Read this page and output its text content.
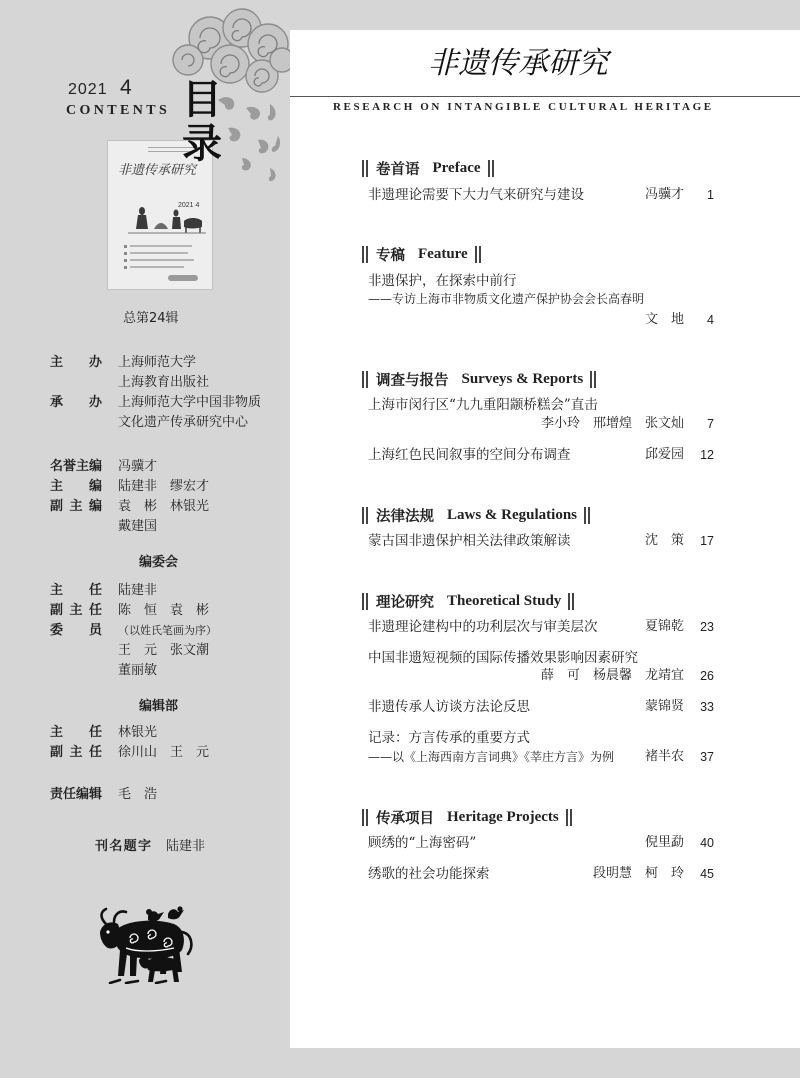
2021 4
CONTENTS 目录
非遗传承研究
2021 4
总第24辑
主　办 上海师范大学
上海教育出版社
承　办 上海师范大学中国非物质
文化遗产传承研究中心
名誉主编 冯骥才
主　编 陆建非　缪宏才
副主编 袁　彬　林银光
戴建国
编委会
主　任 陆建非
副主任 陈　恒　袁　彬
委　员 （以姓氏笔画为序）
王　元　张文潮
董丽敏
编辑部
主　任 林银光
副主任 徐川山　王　元
责任编辑 毛　浩
刊名题字 陆建非
非遗传承研究
RESEARCH ON INTANGIBLE CULTURAL HERITAGE
卷首语 Preface
非遗理论需要下大力气来研究与建设	冯骥才 1
专稿 Feature
非遗保护，在探索中前行
——专访上海市非物质文化遗产保护协会会长高春明
文　地 4
调查与报告 Surveys & Reports
上海市闵行区“九九重阳颛桥糕会”直击
李小玲　邢增煌　张文灿 7
上海红色民间叙事的空间分布调查	邱爱园 12
法律法规 Laws & Regulations
蒙古国非遗保护相关法律政策解读	沈　策 17
理论研究 Theoretical Study
非遗理论建构中的功利层次与审美层次	夏锦乾 23
中国非遗短视频的国际传播效果影响因素研究
薛　可　杨晨馨　龙靖宜 26
非遗传承人访谈方法论反思	蒙锦贤 33
记录：方言传承的重要方式
——以《上海西南方言词典》《莘庄方言》为例 褚半农 37
传承项目 Heritage Projects
顾绣的“上海密码”	倪里勐 40
绣歌的社会功能探索	段明慧　柯　玲 45
